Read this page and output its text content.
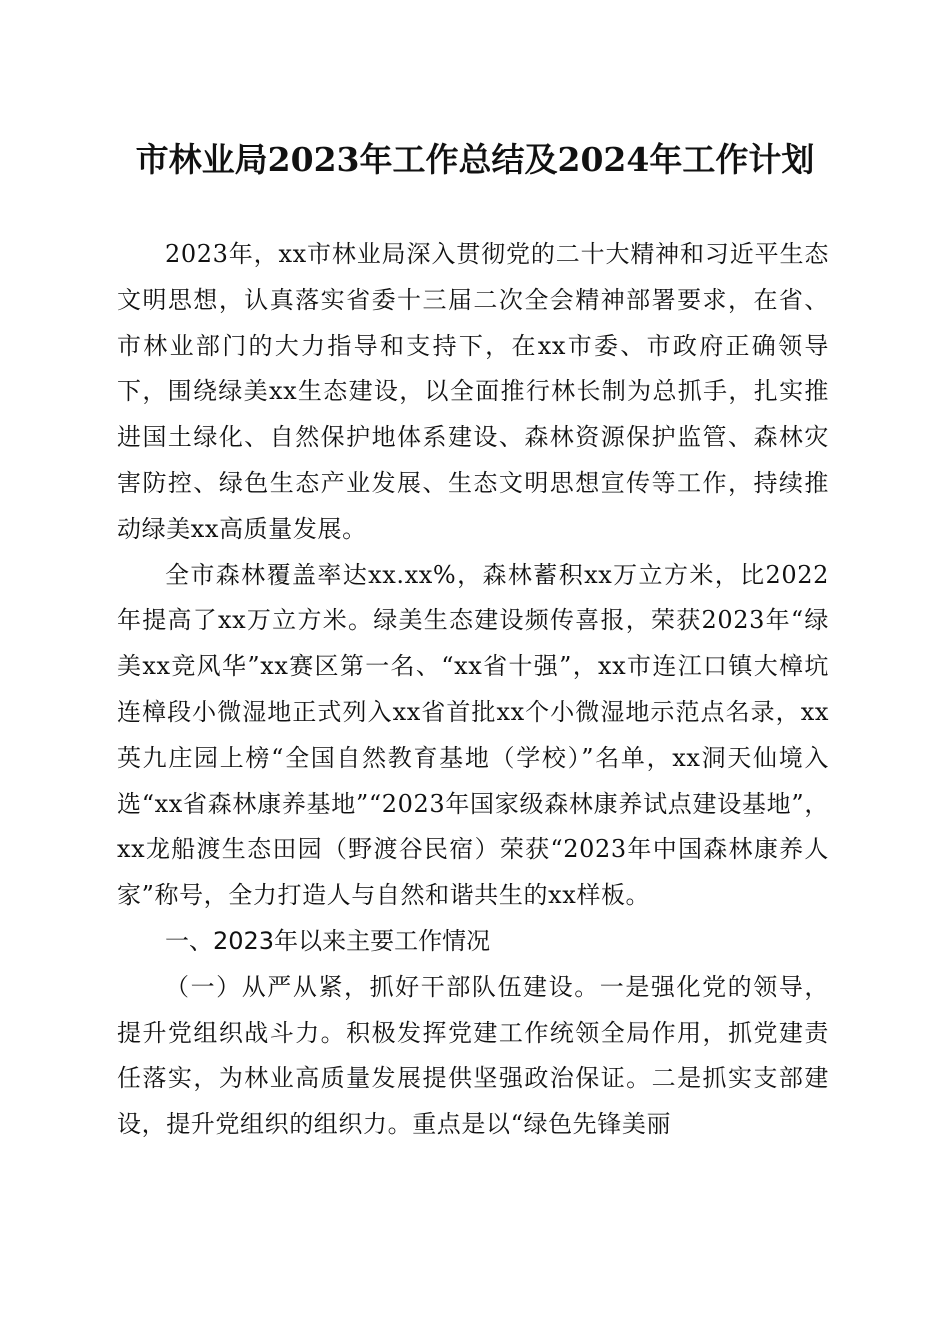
市林业局2023年工作总结及2024年工作计划

2023年，xx市林业局深入贯彻党的二十大精神和习近平生态文明思想，认真落实省委十三届二次全会精神部署要求，在省、市林业部门的大力指导和支持下，在xx市委、市政府正确领导下，围绕绿美xx生态建设，以全面推行林长制为总抓手，扎实推进国土绿化、自然保护地体系建设、森林资源保护监管、森林灾害防控、绿色生态产业发展、生态文明思想宣传等工作，持续推动绿美xx高质量发展。

全市森林覆盖率达xx.xx%，森林蓄积xx万立方米，比2022年提高了xx万立方米。绿美生态建设频传喜报，荣获2023年“绿美xx竞风华”xx赛区第一名、“xx省十强”，xx市连江口镇大樟坑连樟段小微湿地正式列入xx省首批xx个小微湿地示范点名录，xx英九庄园上榜“全国自然教育基地（学校）”名单，xx洞天仙境入选“xx省森林康养基地”“2023年国家级森林康养试点建设基地”，xx龙船渡生态田园（野渡谷民宿）荣获“2023年中国森林康养人家”称号，全力打造人与自然和谐共生的xx样板。

一、2023年以来主要工作情况

（一）从严从紧，抓好干部队伍建设。一是强化党的领导，提升党组织战斗力。积极发挥党建工作统领全局作用，抓党建责任落实，为林业高质量发展提供坚强政治保证。二是抓实支部建设，提升党组织的组织力。重点是以“绿色先锋美丽
